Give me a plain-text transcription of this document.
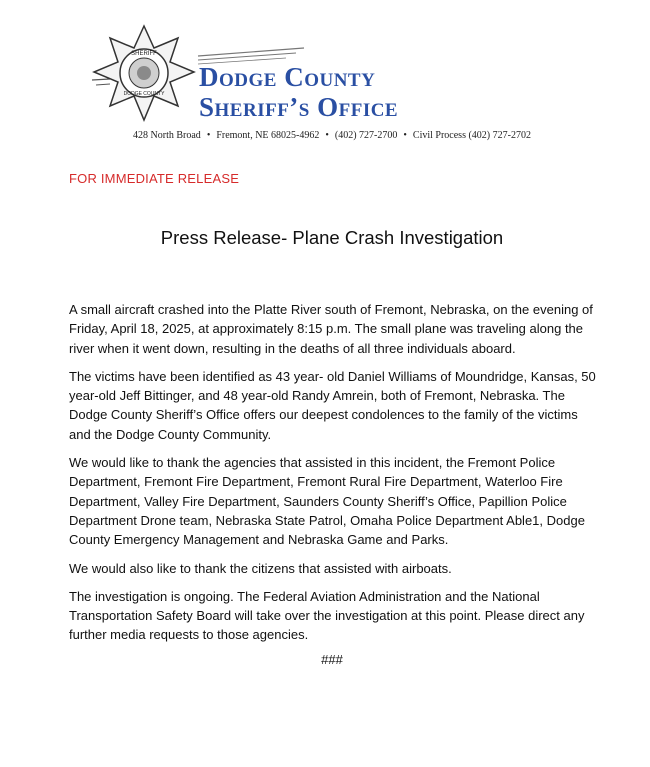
SHERIFF
DODGE COUNTY
Dodge County
Sheriff’s Office
428 North Broad • Fremont, NE 68025-4962 • (402) 727-2700 • Civil Process (402) 727-2702
FOR IMMEDIATE RELEASE
Press Release- Plane Crash Investigation

A small aircraft crashed into the Platte River south of Fremont, Nebraska, on the evening of Friday, April 18, 2025, at approximately 8:15 p.m. The small plane was traveling along the river when it went down, resulting in the deaths of all three individuals aboard.

The victims have been identified as 43 year- old Daniel Williams of Moundridge, Kansas, 50 year-old Jeff Bittinger, and 48 year-old Randy Amrein, both of Fremont, Nebraska. The Dodge County Sheriff’s Office offers our deepest condolences to the family of the victims and the Dodge County Community.

We would like to thank the agencies that assisted in this incident, the Fremont Police Department, Fremont Fire Department, Fremont Rural Fire Department, Waterloo Fire Department, Valley Fire Department, Saunders County Sheriff’s Office, Papillion Police Department Drone team, Nebraska State Patrol, Omaha Police Department Able1, Dodge County Emergency Management and Nebraska Game and Parks.

We would also like to thank the citizens that assisted with airboats.

The investigation is ongoing. The Federal Aviation Administration and the National Transportation Safety Board will take over the investigation at this point. Please direct any further media requests to those agencies.

###
